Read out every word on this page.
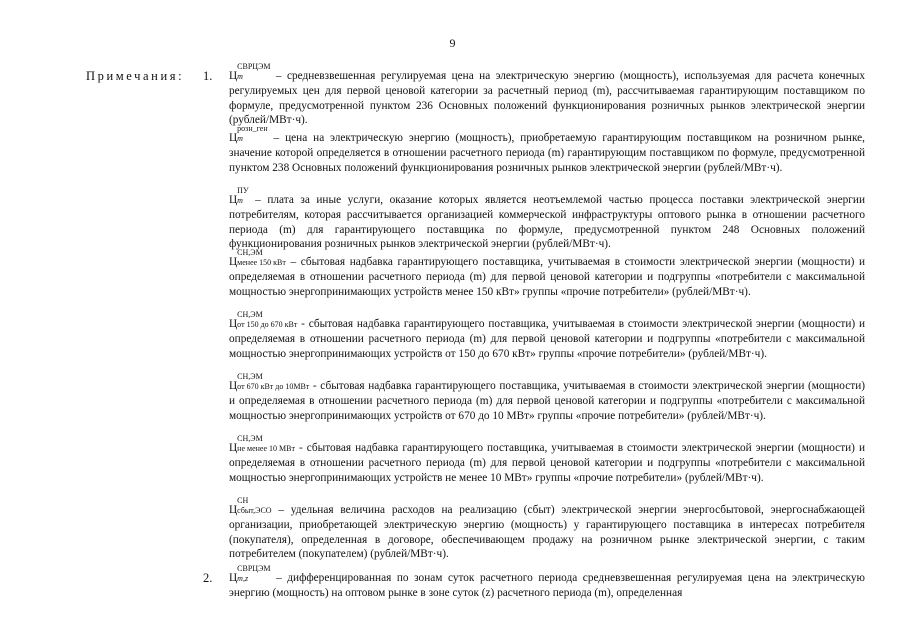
9
Примечания: 1. Ц
СВРЦЭМ
m	– средневзвешенная регулируемая цена на электрическую энергию (мощность), используемая для расчета конечных регулируемых цен для первой ценовой категории за расчетный период (m), рассчитываемая гарантирующим поставщиком по формуле, предусмотренной пунктом 236 Основных положений функционирования розничных рынков электрической энергии (рублей/МВт·ч).
Ц
розн_ген
m	– цена на электрическую энергию (мощность), приобретаемую гарантирующим поставщиком на розничном рынке, значение которой определяется в отношении расчетного периода (m) гарантирующим поставщиком по формуле, предусмотренной пунктом 238 Основных положений функционирования розничных рынков электрической энергии (рублей/МВт·ч).
Ц
ПУ
m	– плата за иные услуги, оказание которых является неотъемлемой частью процесса поставки электрической энергии потребителям, которая рассчитывается организацией коммерческой инфраструктуры оптового рынка в отношении расчетного периода (m) для гарантирующего поставщика по формуле, предусмотренной пунктом 248 Основных положений функционирования розничных рынков электрической энергии (рублей/МВт·ч).
Ц
СН,ЭМ
менее 150 кВт – сбытовая надбавка гарантирующего поставщика, учитываемая в стоимости электрической энергии (мощности) и определяемая в отношении расчетного периода (m) для первой ценовой категории и подгруппы «потребители с максимальной мощностью энергопринимающих устройств менее 150 кВт» группы «прочие потребители» (рублей/МВт·ч).
Ц
СН,ЭМ
от 150 до 670 кВт - сбытовая надбавка гарантирующего поставщика, учитываемая в стоимости электрической энергии (мощности) и определяемая в отношении расчетного периода (m) для первой ценовой категории и подгруппы «потребители с максимальной мощностью энергопринимающих устройств от 150 до 670 кВт» группы «прочие потребители» (рублей/МВт·ч).
Ц
СН,ЭМ
от 670 кВт до 10МВт - сбытовая надбавка гарантирующего поставщика, учитываемая в стоимости электрической энергии (мощности) и определяемая в отношении расчетного периода (m) для первой ценовой категории и подгруппы «потребители с максимальной мощностью энергопринимающих устройств от 670 до 10 МВт» группы «прочие потребители» (рублей/МВт·ч).
Ц
СН,ЭМ
не менее 10 МВт - сбытовая надбавка гарантирующего поставщика, учитываемая в стоимости электрической энергии (мощности) и определяемая в отношении расчетного периода (m) для первой ценовой категории и подгруппы «потребители с максимальной мощностью энергопринимающих устройств не менее 10 МВт» группы «прочие потребители» (рублей/МВт·ч).
Ц
СН
сбыт,ЭСО – удельная величина расходов на реализацию (сбыт) электрической энергии энергосбытовой, энергоснабжающей организации, приобретающей электрическую энергию (мощность) у гарантирующего поставщика в интересах потребителя (покупателя), определенная в договоре, обеспечивающем продажу на розничном рынке электрической энергии, с таким потребителем (покупателем) (рублей/МВт·ч).
2. Ц
СВРЦЭМ
m,z	– дифференцированная по зонам суток расчетного периода средневзвешенная регулируемая цена на электрическую энергию (мощность) на оптовом рынке в зоне суток (z) расчетного периода (m), определенная
